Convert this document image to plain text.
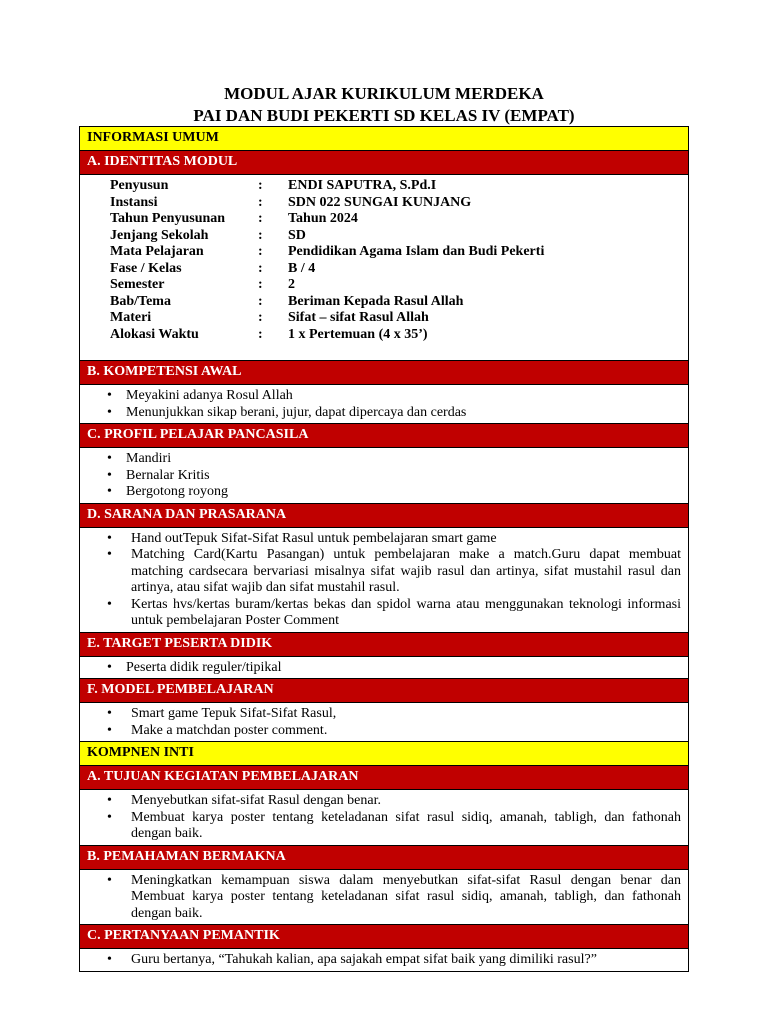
MODUL AJAR KURIKULUM MERDEKA
PAI DAN BUDI PEKERTI SD KELAS IV (EMPAT)
INFORMASI UMUM
A. IDENTITAS MODUL
Penyusun	:	ENDI SAPUTRA, S.Pd.I
Instansi	:	SDN 022 SUNGAI KUNJANG
Tahun Penyusunan	:	Tahun 2024
Jenjang Sekolah	:	SD
Mata Pelajaran	:	Pendidikan Agama Islam dan Budi Pekerti
Fase / Kelas	:	B / 4
Semester	:	2
Bab/Tema	:	Beriman Kepada Rasul Allah
Materi	:	Sifat – sifat Rasul Allah
Alokasi Waktu	:	1 x Pertemuan (4 x 35’)
B. KOMPETENSI AWAL
• Meyakini adanya Rosul Allah
• Menunjukkan sikap berani, jujur, dapat dipercaya dan cerdas
C. PROFIL PELAJAR PANCASILA
• Mandiri
• Bernalar Kritis
• Bergotong royong
D. SARANA DAN PRASARANA
• Hand outTepuk Sifat-Sifat Rasul untuk pembelajaran smart game
• Matching Card(Kartu Pasangan) untuk pembelajaran make a match.Guru dapat membuat matching cardsecara bervariasi misalnya sifat wajib rasul dan artinya, sifat mustahil rasul dan artinya, atau sifat wajib dan sifat mustahil rasul.
• Kertas hvs/kertas buram/kertas bekas dan spidol warna atau menggunakan teknologi informasi untuk pembelajaran Poster Comment
E. TARGET PESERTA DIDIK
• Peserta didik reguler/tipikal
F. MODEL PEMBELAJARAN
• Smart game Tepuk Sifat-Sifat Rasul,
• Make a matchdan poster comment.
KOMPNEN INTI
A. TUJUAN KEGIATAN PEMBELAJARAN
• Menyebutkan sifat-sifat Rasul dengan benar.
• Membuat karya poster tentang keteladanan sifat rasul sidiq, amanah, tabligh, dan fathonah dengan baik.
B. PEMAHAMAN BERMAKNA
• Meningkatkan kemampuan siswa dalam menyebutkan sifat-sifat Rasul dengan benar dan Membuat karya poster tentang keteladanan sifat rasul sidiq, amanah, tabligh, dan fathonah dengan baik.
C. PERTANYAAN PEMANTIK
• Guru bertanya, “Tahukah kalian, apa sajakah empat sifat baik yang dimiliki rasul?”
